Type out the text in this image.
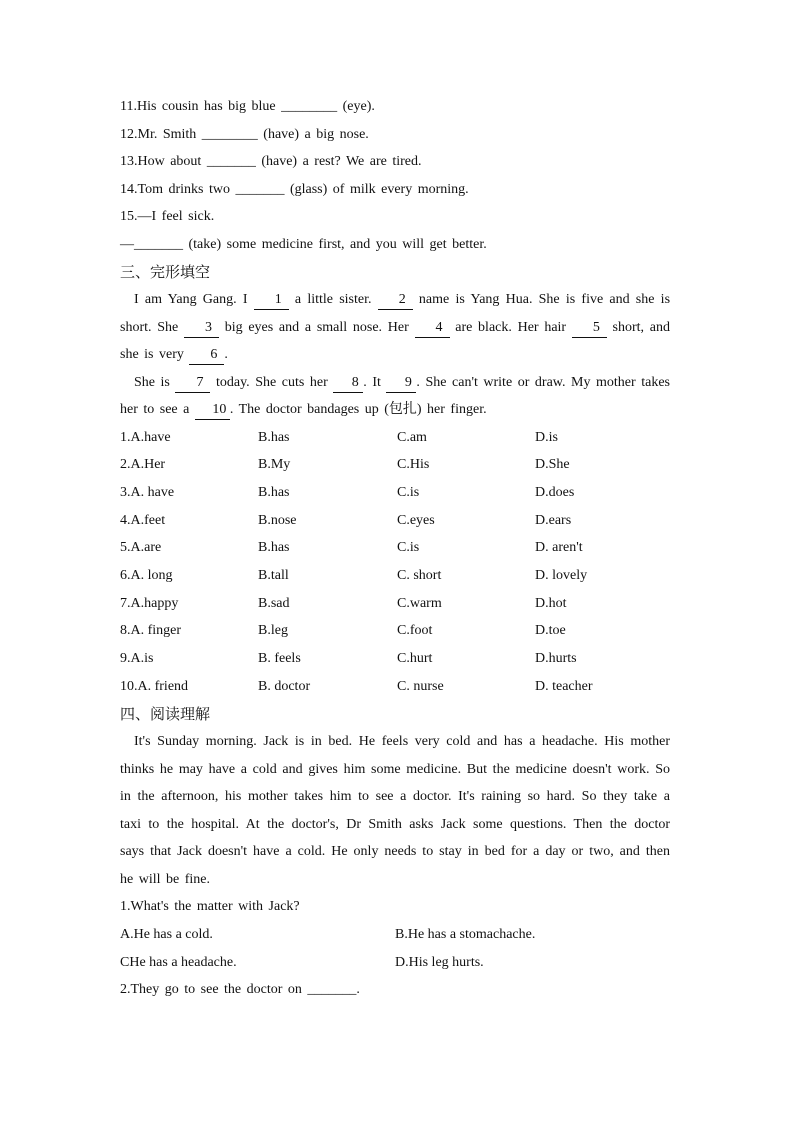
11.His cousin has big blue ________ (eye).
12.Mr. Smith ________ (have) a big nose.
13.How about _______ (have) a rest? We are tired.
14.Tom drinks two _______ (glass) of milk every morning.
15.—I feel sick.
—_______ (take) some medicine first, and you will get better.
三、完形填空
I am Yang Gang. I 1 a little sister. 2 name is Yang Hua. She is five and she is short. She 3 big eyes and a small nose. Her 4 are black. Her hair 5 short, and she is very 6 .
She is 7 today. She cuts her 8 . It 9 . She can't write or draw. My mother takes her to see a 10 . The doctor bandages up (包扎) her finger.
1.A.have	B.has	C.am	D.is
2.A.Her	B.My	C.His	D.She
3.A. have	B.has	C.is	D.does
4.A.feet	B.nose	C.eyes	D.ears
5.A.are	B.has	C.is	D. aren't
6.A. long	B.tall	C. short	D. lovely
7.A.happy	B.sad	C.warm	D.hot
8.A. finger	B.leg	C.foot	D.toe
9.A.is	B. feels	C.hurt	D.hurts
10.A. friend	B. doctor	C. nurse	D. teacher
四、阅读理解
It's Sunday morning. Jack is in bed. He feels very cold and has a headache. His mother thinks he may have a cold and gives him some medicine. But the medicine doesn't work. So in the afternoon, his mother takes him to see a doctor. It's raining so hard. So they take a taxi to the hospital. At the doctor's, Dr Smith asks Jack some questions. Then the doctor says that Jack doesn't have a cold. He only needs to stay in bed for a day or two, and then he will be fine.
1.What's the matter with Jack?
A.He has a cold.	B.He has a stomachache.
CHe has a headache.	D.His leg hurts.
2.They go to see the doctor on _______.
